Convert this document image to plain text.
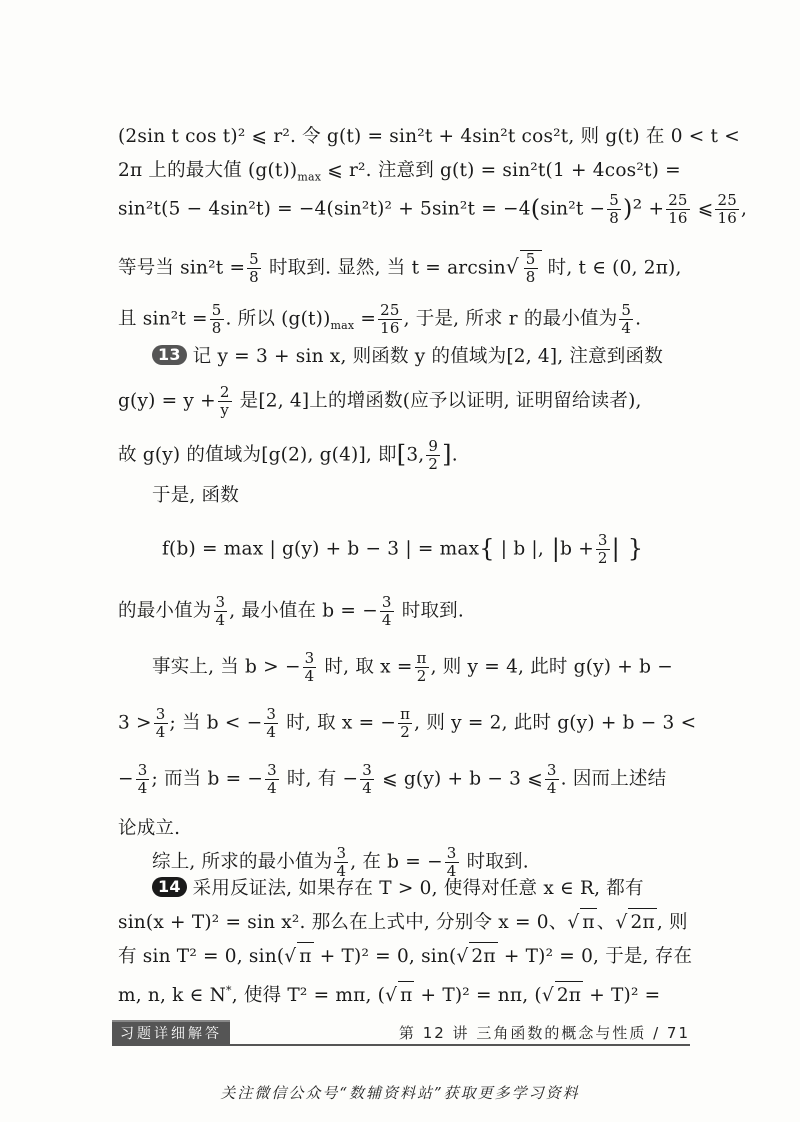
(2sin t cos t)² ⩽ r². 令 g(t) = sin²t + 4sin²t cos²t, 则 g(t) 在 0 < t <
2π 上的最大值 $(g(t))_{max}$ ⩽ r². 注意到 g(t) = sin²t(1 + 4cos²t) =
$\sin^2t(5 - 4\sin^2t) = -4(\sin^2t)^2 + 5\sin^2t = -4(\sin^2t - \frac{5}{8} )^2 + \frac{25}{16}$ ⩽ $\frac{25}{16}$ ,
等号当 $\sin^2t = \frac{5}{8}$ 时取到. 显然, 当 $t = \arcsin√ \frac{5}{8}$ 时, t ∈ (0, 2π),
且 $\sin^2t = \frac{5}{8}$ . 所以 $(g(t))_{max} = \frac{25}{16}$ , 于是, 所求 r 的最小值为 $\frac{5}{4}$ .
13 记 y = 3 + sin x, 则函数 y 的值域为[2, 4], 注意到函数
$g(y) = y + \frac{2}{y}$ 是[2, 4]上的增函数(应予以证明, 证明留给读者),
故 g(y) 的值域为[g(2), g(4)], 即[3, $\frac{9}{2}$ ].
于是, 函数
f(b) = max | g(y) + b − 3 | = max{ | b |, $|b + \frac{3}{2}$ | }
的最小值为 $\frac{3}{4}$ , 最小值在 b = − $\frac{3}{4}$ 时取到.
事实上, 当 b > − $\frac{3}{4}$ 时, 取 $x = \frac{\pi}{2}$ , 则 y = 4, 此时 g(y) + b −
$3 > \frac{3}{4}$ ; 当 b < − $\frac{3}{4}$ 时, 取 x = − $\frac{\pi}{2}$ , 则 y = 2, 此时 g(y) + b − 3 <
− $\frac{3}{4}$ ; 而当 b = − $\frac{3}{4}$ 时, 有 − $\frac{3}{4}$ ⩽ g(y) + b − 3 ⩽ $\frac{3}{4}$ . 因而上述结
论成立.
综上, 所求的最小值为 $\frac{3}{4}$ , 在 b = − $\frac{3}{4}$ 时取到.
14 采用反证法, 如果存在 T > 0, 使得对任意 x ∈ R, 都有
sin(x + T)² = sin x². 那么在上式中, 分别令 x = 0、√ π 、√ 2π , 则
有 sin T² = 0, sin(√ π + T)² = 0, sin(√ 2π + T)² = 0, 于是, 存在
m, n, k ∈ N*, 使得 T² = mπ, (√ π + T)² = nπ, (√ 2π + T)² =
习题详细解答	第 12 讲 三角函数的概念与性质 / 71
关注微信公众号“数辅资料站”获取更多学习资料
